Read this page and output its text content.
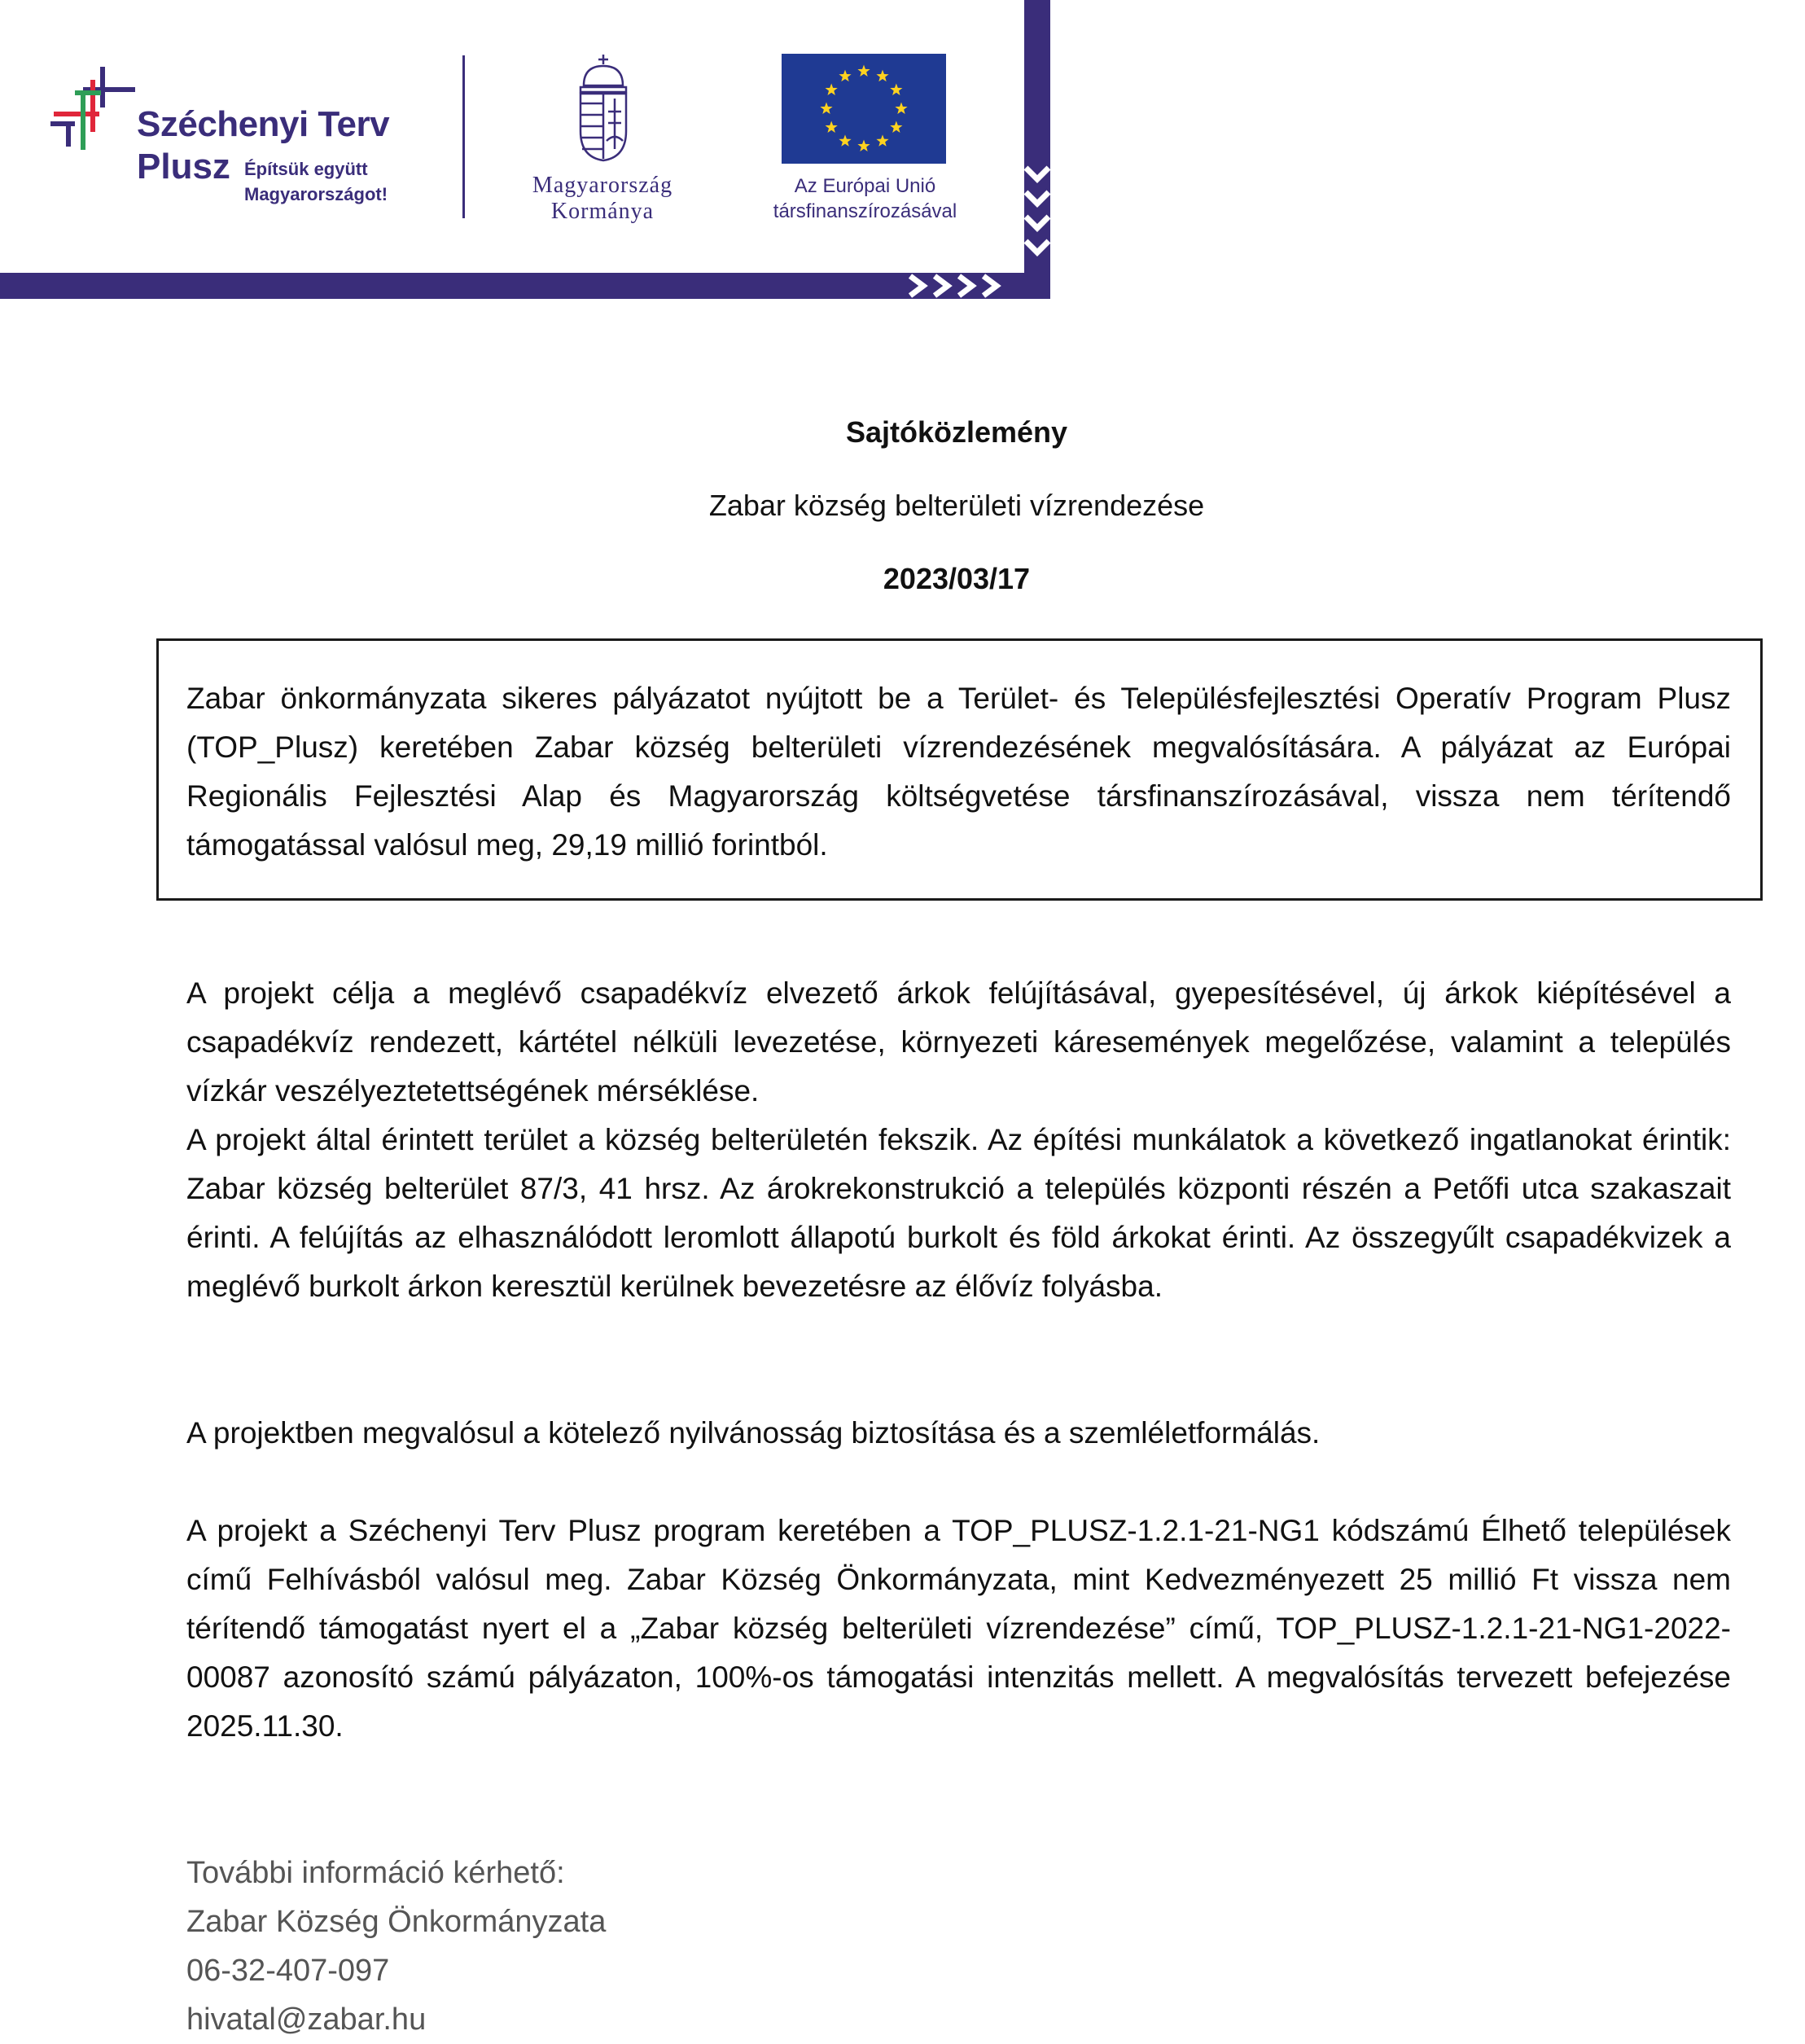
Széchenyi Terv
Plusz Építsük együtt
Magyarországot!	Magyarország
Kormánya
Az Európai Unió
társfinanszírozásával
Sajtóközlemény
Zabar község belterületi vízrendezése
2023/03/17

Zabar önkormányzata sikeres pályázatot nyújtott be a Terület- és Településfejlesztési Operatív Program Plusz (TOP_Plusz) keretében Zabar község belterületi vízrendezésének megvalósítására. A pályázat az Európai Regionális Fejlesztési Alap és Magyarország költségvetése társfinanszírozásával, vissza nem térítendő támogatással valósul meg, 29,19 millió forintból.

A projekt célja a meglévő csapadékvíz elvezető árkok felújításával, gyepesítésével, új árkok kiépítésével a csapadékvíz rendezett, kártétel nélküli levezetése, környezeti káresemények megelőzése, valamint a település vízkár veszélyeztetettségének mérséklése.

A projekt által érintett terület a község belterületén fekszik. Az építési munkálatok a következő ingatlanokat érintik: Zabar község belterület 87/3, 41 hrsz. Az árokrekonstrukció a település központi részén a Petőfi utca szakaszait érinti. A felújítás az elhasználódott leromlott állapotú burkolt és föld árkokat érinti. Az összegyűlt csapadékvizek a meglévő burkolt árkon keresztül kerülnek bevezetésre az élővíz folyásba.

A projektben megvalósul a kötelező nyilvánosság biztosítása és a szemléletformálás.

A projekt a Széchenyi Terv Plusz program keretében a TOP_PLUSZ-1.2.1-21-NG1 kódszámú Élhető települések című Felhívásból valósul meg. Zabar Község Önkormányzata, mint Kedvezményezett 25 millió Ft vissza nem térítendő támogatást nyert el a „Zabar község belterületi vízrendezése” című, TOP_PLUSZ-1.2.1-21-NG1-2022-00087 azonosító számú pályázaton, 100%-os támogatási intenzitás mellett. A megvalósítás tervezett befejezése 2025.11.30.

További információ kérhető:
Zabar Község Önkormányzata
06-32-407-097
hivatal@zabar.hu
